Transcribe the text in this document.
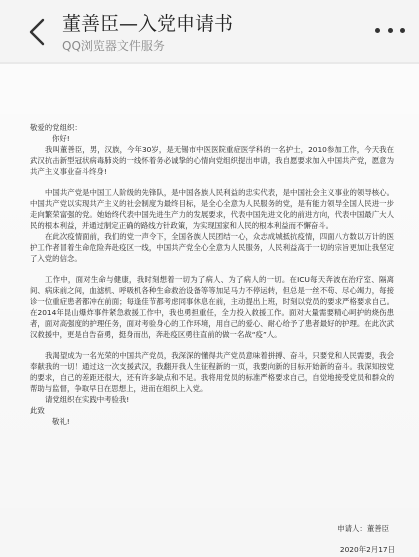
董善臣—入党申请书
QQ浏览器文件服务

敬爱的党组织：

你好!

我叫董善臣，男，汉族，今年30岁，是无锡市中医医院重症医学科的一名护士，2010参加工作，今天我在武汉抗击新型冠状病毒肺炎的一线怀着务必诚挚的心情向党组织提出申请，我自愿要求加入中国共产党，愿意为共产主义事业奋斗终身!

中国共产党是中国工人阶级的先锋队，是中国各族人民利益的忠实代表，是中国社会主义事业的领导核心。中国共产党以实现共产主义的社会制度为最终目标，是全心全意为人民服务的党，是有能力领导全国人民进一步走向繁荣富强的党。她始终代表中国先进生产力的发展要求，代表中国先进文化的前进方向，代表中国最广大人民的根本利益，并通过制定正确的路线方针政策，为实现国家和人民的根本利益而不懈奋斗。

在此次疫情面前，我们的党一声令下，全国各族人民团结一心，众志成城抵抗疫情，四面八方数以万计的医护工作者冒着生命危险奔赴疫区一线，中国共产党全心全意为人民服务，人民利益高于一切的宗旨更加让我坚定了入党的信念。

工作中，面对生命与健康，我时刻想着一切为了病人、为了病人的一切。在ICU每天奔波在治疗室、隔离间、病床前之间，血滤机、呼吸机各种生命救治设备等等加足马力不停运转，但总是一丝不苟、尽心竭力，每接诊一位重症患者都冲在前面；每逢佳节都考虑同事休息在前，主动提出上班，时刻以党员的要求严格要求自己。在2014年昆山爆炸事件紧急救援工作中，我也勇担重任，全力投入救援工作。面对大量需要精心呵护的烧伤患者，面对高强度的护理任务，面对考验身心的工作环境，用自己的爱心、耐心给予了患者最好的护理。在此次武汉救援中，更是自告奋勇，挺身而出，奔赴疫区勇往直前的做一名战“疫”人。

我渴望成为一名光荣的中国共产党员，我深深的懂得共产党员意味着拼搏、奋斗，只要党和人民需要，我会奉献我的一切！通过这一次支援武汉，我翻开我人生征程新的一页，我要向新的目标开始新的奋斗。我深知按党的要求，自己的差距还很大，还有许多缺点和不足。我将用党员的标准严格要求自己，自觉地接受党员和群众的帮助与监督，争取早日在思想上，进而在组织上入党。

请党组织在实践中考验我!

此致

敬礼!

申请人：董善臣
2020年2月17日
